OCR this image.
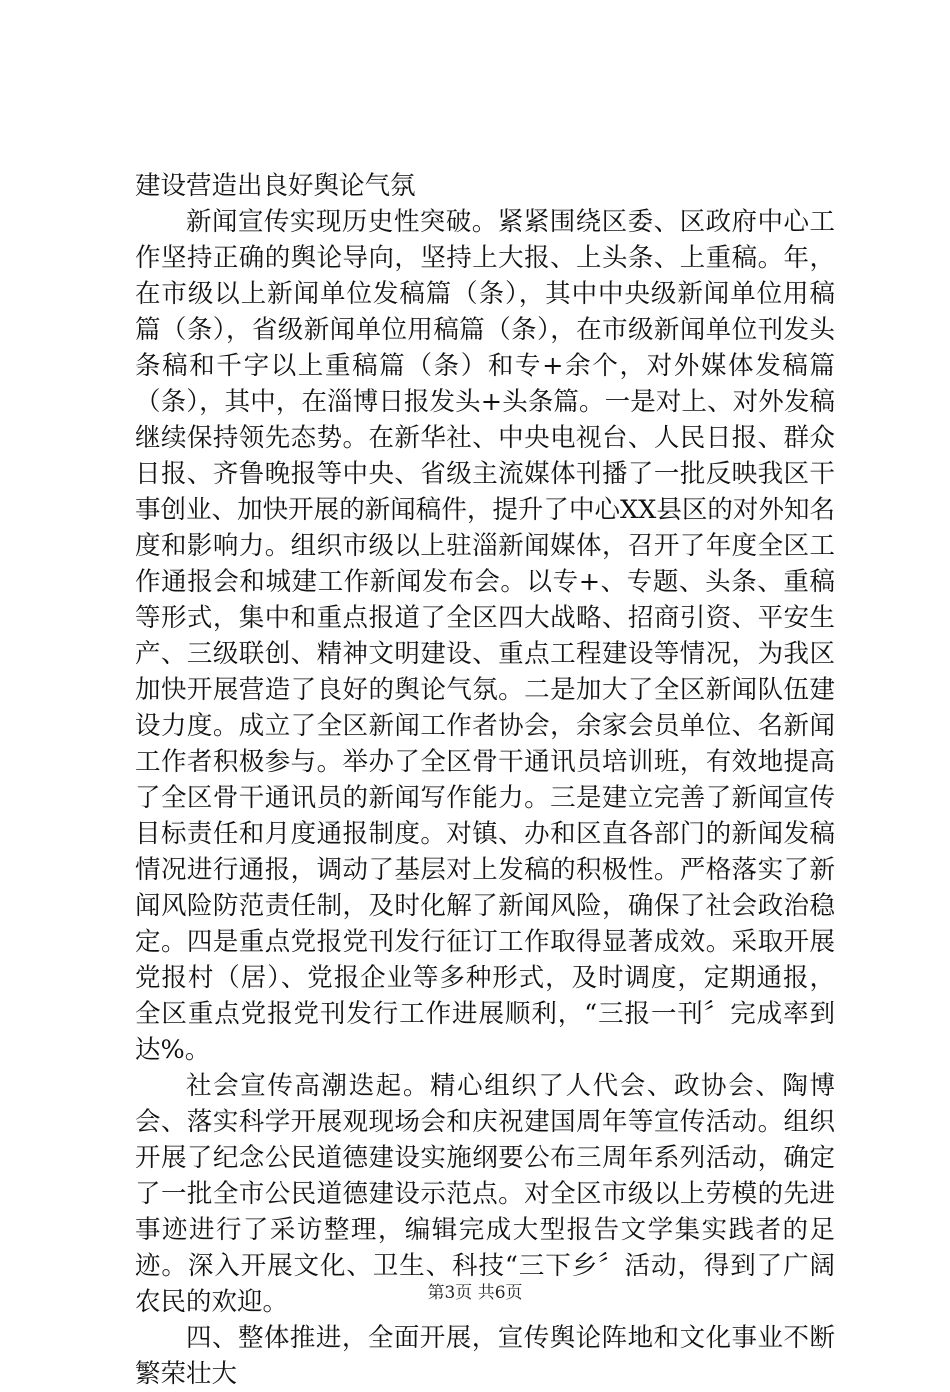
建设营造出良好舆论气氛

新闻宣传实现历史性突破。紧紧围绕区委、区政府中心工作坚持正确的舆论导向，坚持上大报、上头条、上重稿。年，在市级以上新闻单位发稿篇（条），其中中央级新闻单位用稿篇（条），省级新闻单位用稿篇（条），在市级新闻单位刊发头条稿和千字以上重稿篇（条）和专+余个，对外媒体发稿篇（条），其中，在淄博日报发头+头条篇。一是对上、对外发稿继续保持领先态势。在新华社、中央电视台、人民日报、群众日报、齐鲁晚报等中央、省级主流媒体刊播了一批反映我区干事创业、加快开展的新闻稿件，提升了中心XX县区的对外知名度和影响力。组织市级以上驻淄新闻媒体，召开了年度全区工作通报会和城建工作新闻发布会。以专+、专题、头条、重稿等形式，集中和重点报道了全区四大战略、招商引资、平安生产、三级联创、精神文明建设、重点工程建设等情况，为我区加快开展营造了良好的舆论气氛。二是加大了全区新闻队伍建设力度。成立了全区新闻工作者协会，余家会员单位、名新闻工作者积极参与。举办了全区骨干通讯员培训班，有效地提高了全区骨干通讯员的新闻写作能力。三是建立完善了新闻宣传目标责任和月度通报制度。对镇、办和区直各部门的新闻发稿情况进行通报，调动了基层对上发稿的积极性。严格落实了新闻风险防范责任制，及时化解了新闻风险，确保了社会政治稳定。四是重点党报党刊发行征订工作取得显著成效。采取开展党报村（居）、党报企业等多种形式，及时调度，定期通报，全区重点党报党刊发行工作进展顺利，“三报一刊〞完成率到达%。

社会宣传高潮迭起。精心组织了人代会、政协会、陶博会、落实科学开展观现场会和庆祝建国周年等宣传活动。组织开展了纪念公民道德建设实施纲要公布三周年系列活动，确定了一批全市公民道德建设示范点。对全区市级以上劳模的先进事迹进行了采访整理，编辑完成大型报告文学集实践者的足迹。深入开展文化、卫生、科技“三下乡〞活动，得到了广阔农民的欢迎。

四、整体推进，全面开展，宣传舆论阵地和文化事业不断繁荣壮大

第3页 共6页
